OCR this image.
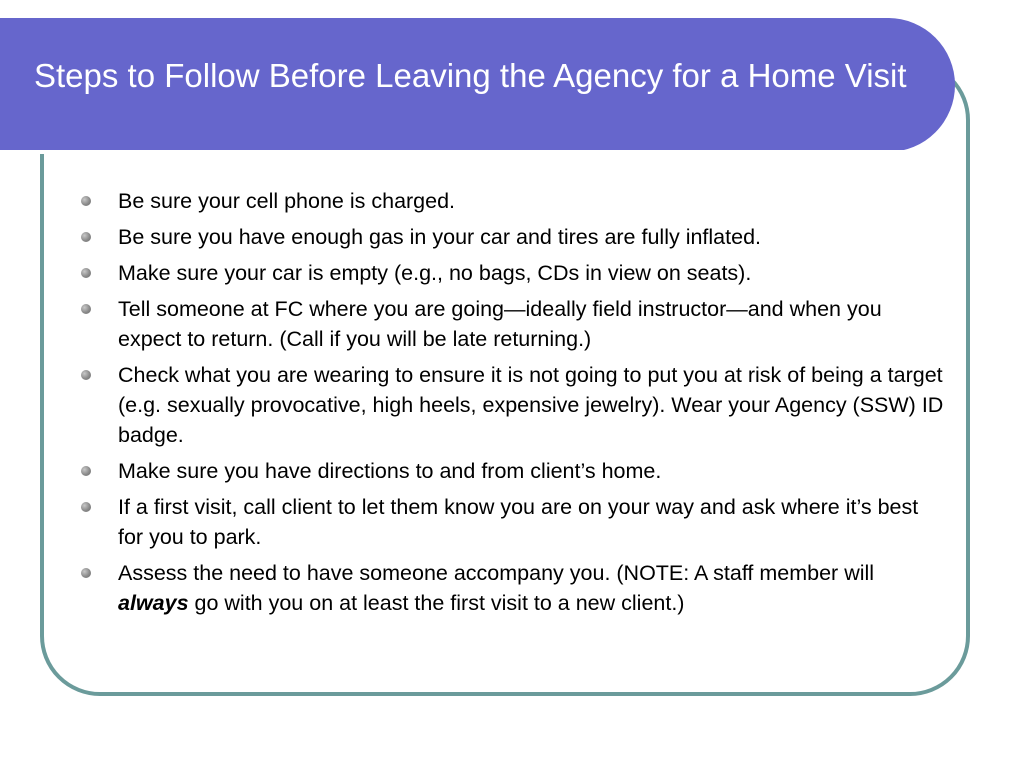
Steps to Follow Before Leaving the Agency for a Home Visit
Be sure your cell phone is charged.
Be sure you have enough gas in your car and tires are fully inflated.
Make sure your car is empty (e.g., no bags, CDs in view on seats).
Tell someone at FC where you are going—ideally field instructor—and when you expect to return. (Call if you will be late returning.)
Check what you are wearing to ensure it is not going to put you at risk of being a target (e.g. sexually provocative, high heels, expensive jewelry). Wear your Agency (SSW) ID badge.
Make sure you have directions to and from client’s home.
If a first visit, call client to let them know you are on your way and ask where it’s best for you to park.
Assess the need to have someone accompany you. (NOTE: A staff member will always go with you on at least the first visit to a new client.)
